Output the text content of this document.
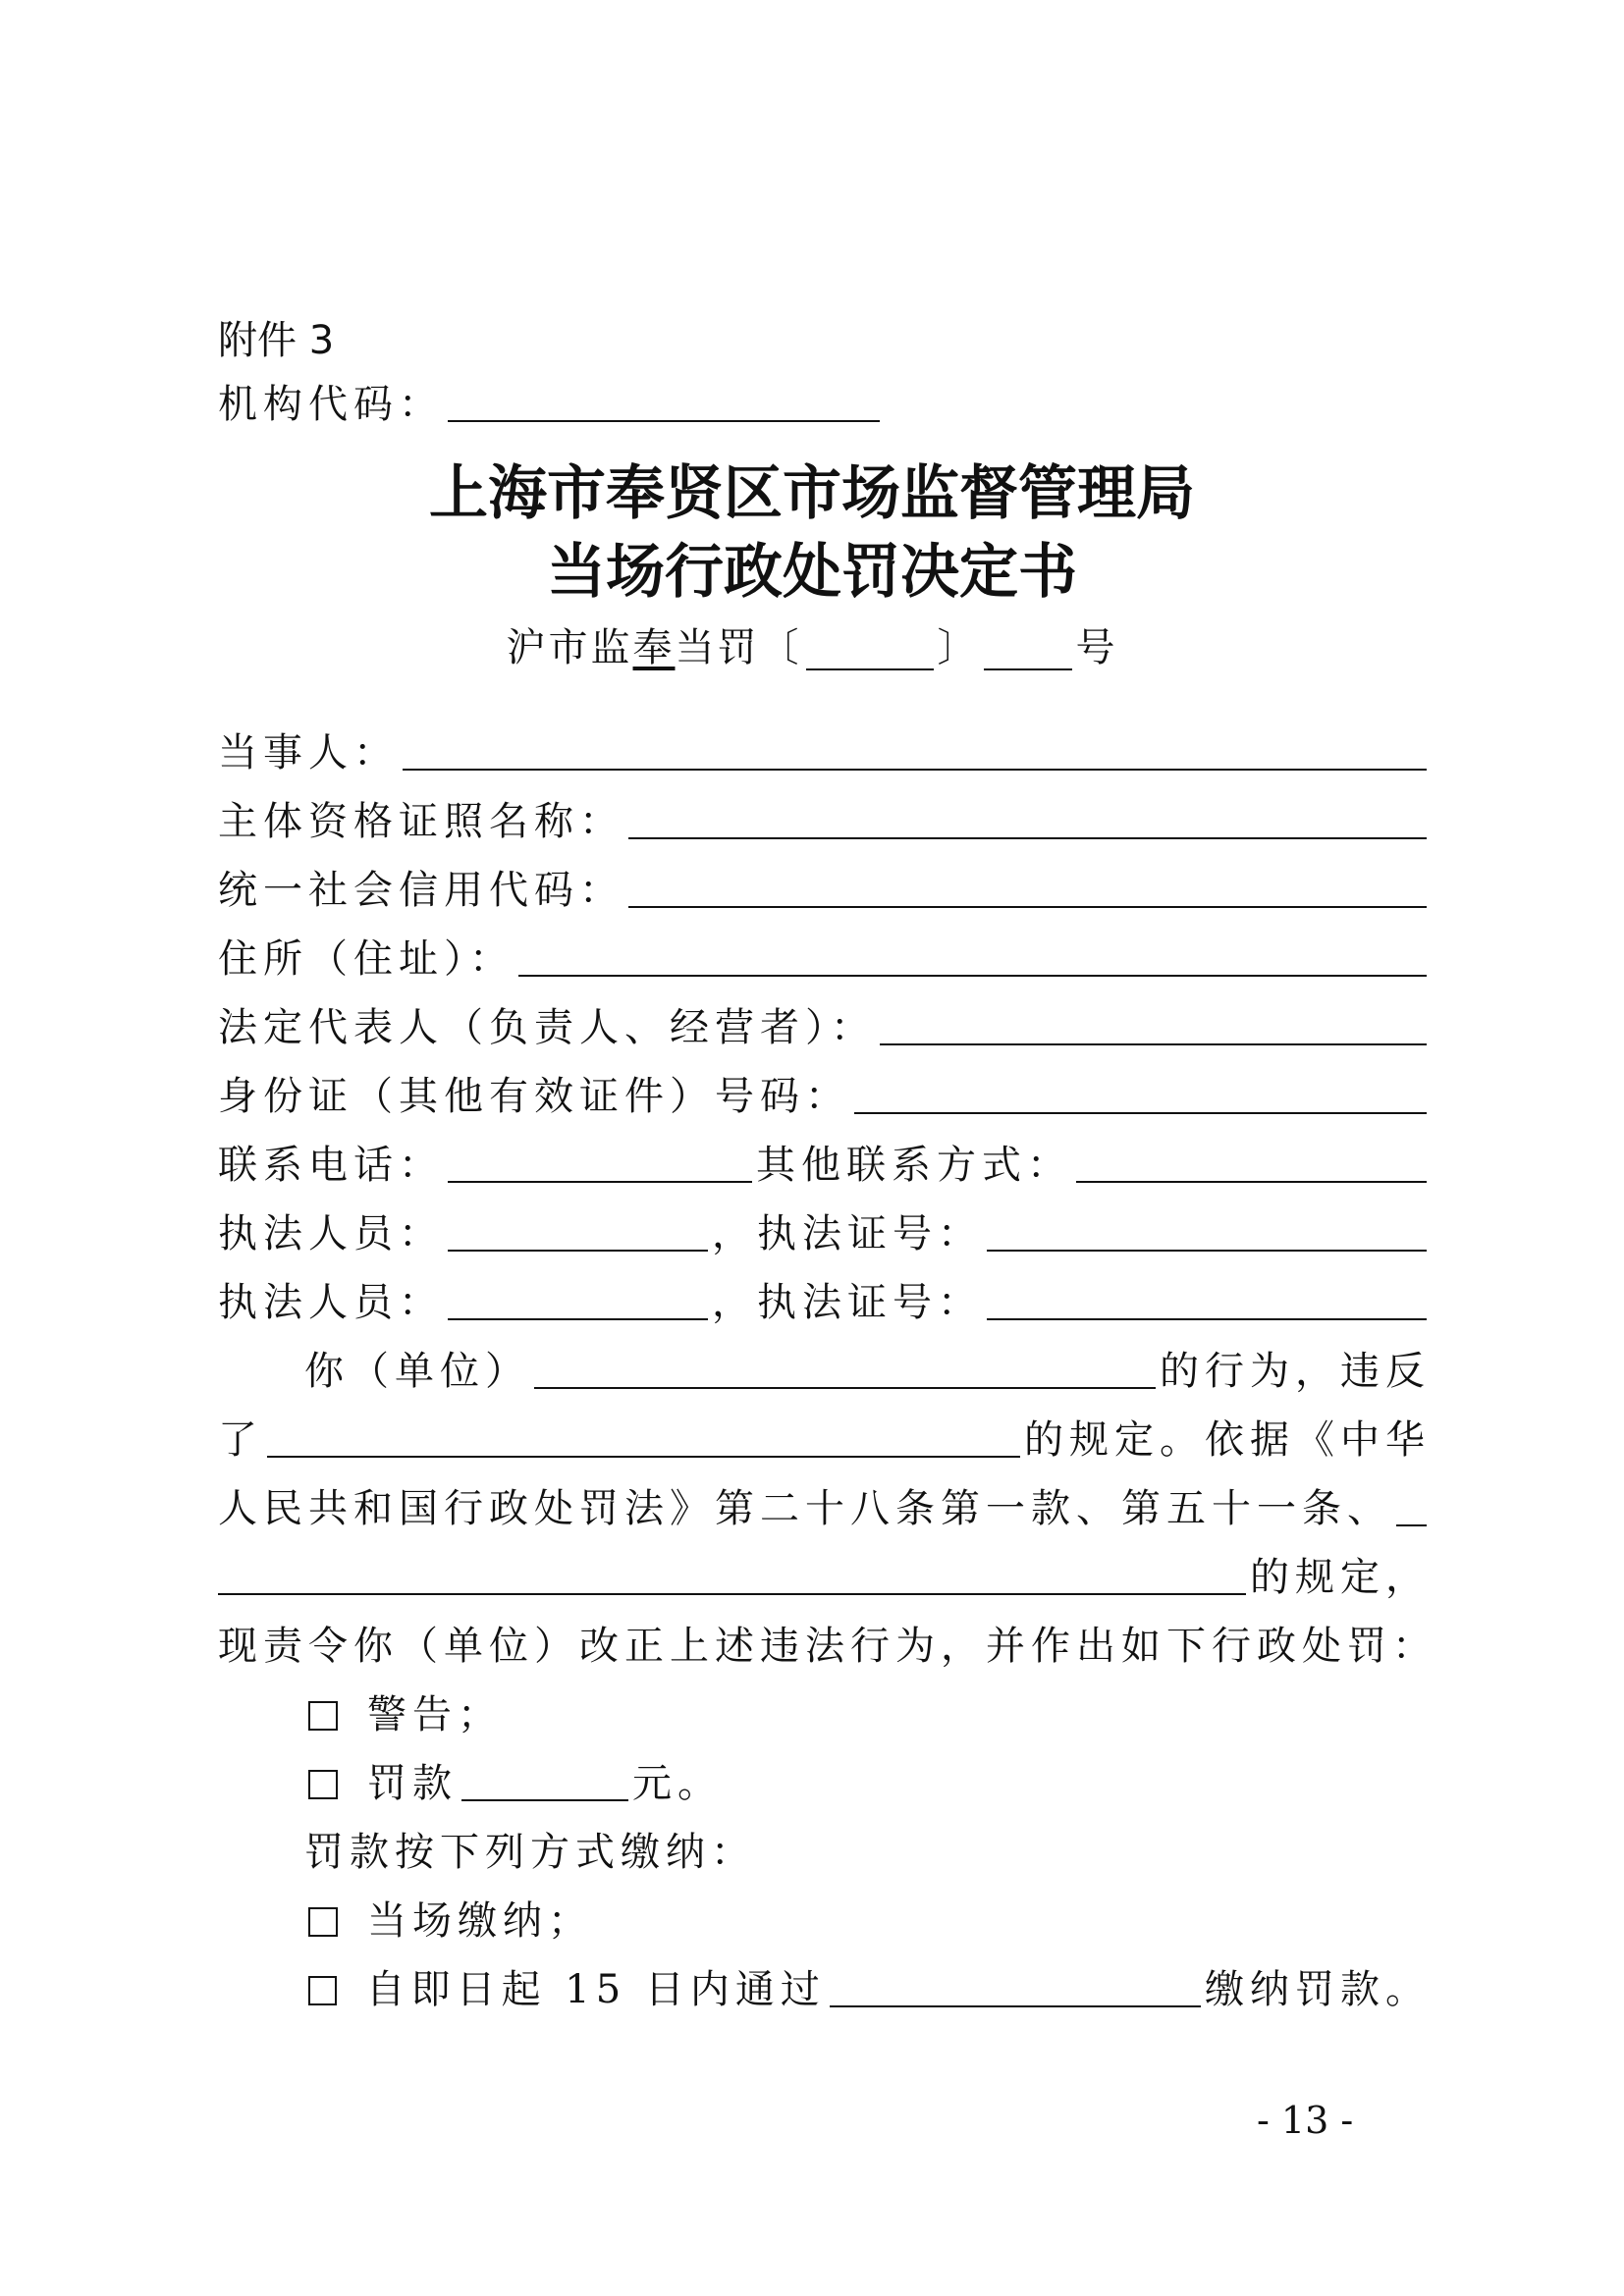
附件 3
机构代码：
上海市奉贤区市场监督管理局
当场行政处罚决定书
沪市监 奉 当罚〔	〕 号
当事人：
主体资格证照名称：
统一社会信用代码：
住所（住址）：
法定代表人（负责人、经营者）：
身份证（其他有效证件）号码：
联系电话：	其他联系方式：
执法人员：	，执法证号：
执法人员：	，执法证号：
你（单位）	的行为，违反
了	的规定。依据《中华
人民共和国行政处罚法》第二十八条第一款、第五十一条、
的规定，
现责令你（单位）改正上述违法行为，并作出如下行政处罚：
警告；
罚款	元。
罚款按下列方式缴纳：
当场缴纳；
自即日起 15 日内通过	缴纳罚款。
- 13 -
